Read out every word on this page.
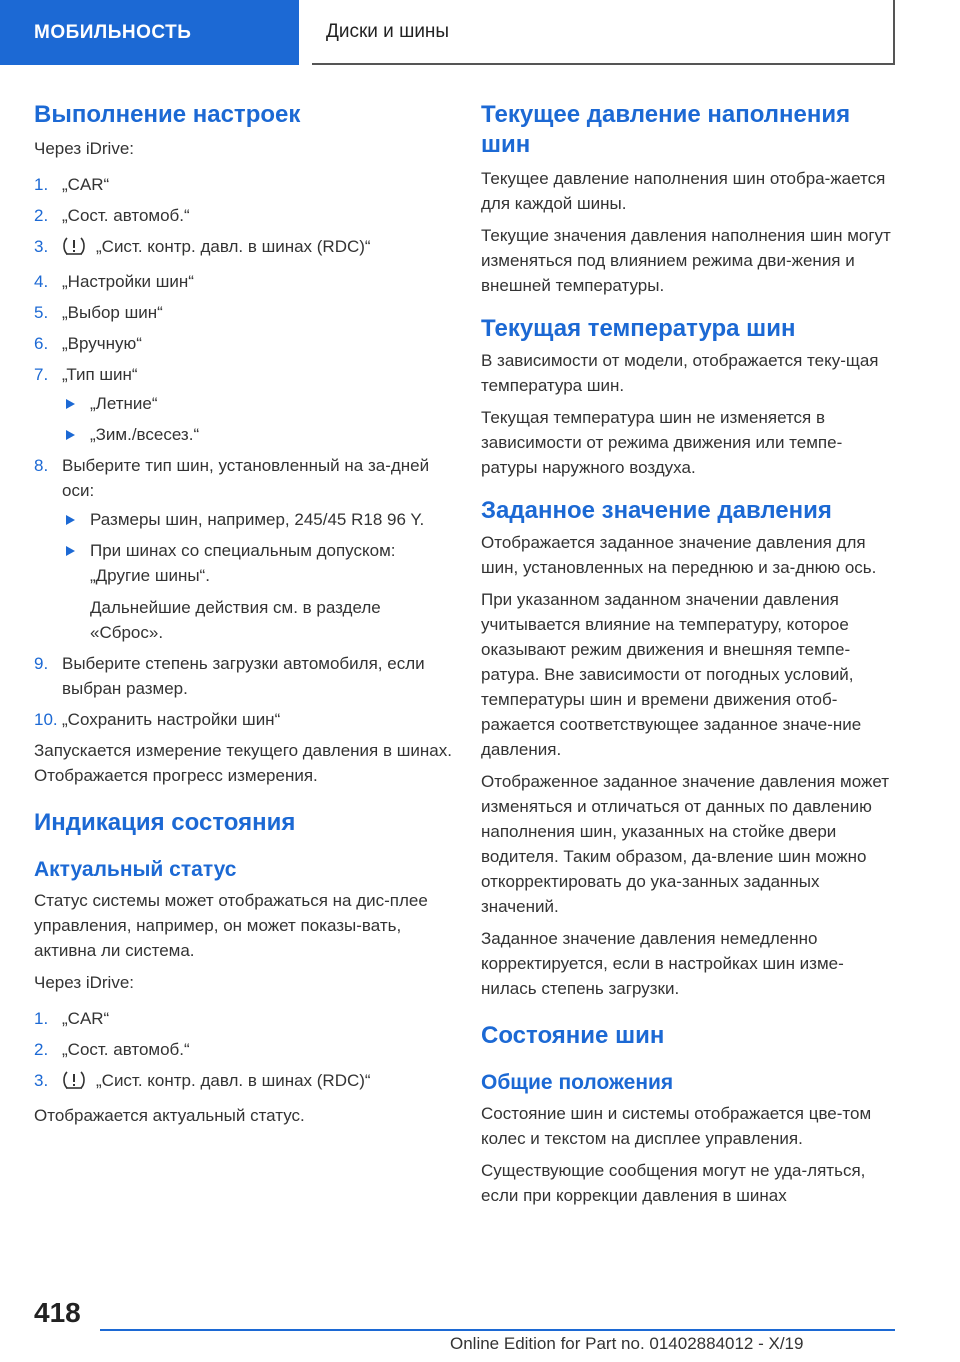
МОБИЛЬНОСТЬ	Диски и шины
Выполнение настроек

Через iDrive:

1. „CAR“
2. „Сост. автомоб.“
3.	„Сист. контр. давл. в шинах (RDC)“
4. „Настройки шин“
5. „Выбор шин“
6. „Вручную“
7. „Тип шин“
„Летние“
„Зим./всесез.“
8. Выберите тип шин, установленный на за-дней оси:
Размеры шин, например, 245/45 R18 96 Y.
При шинах со специальным допуском: „Другие шины“.
Дальнейшие действия см. в разделе «Сброс».
9. Выберите степень загрузки автомобиля, если выбран размер.
10. „Сохранить настройки шин“

Запускается измерение текущего давления в шинах. Отображается прогресс измерения.

Индикация состояния
Актуальный статус

Статус системы может отображаться на дис-плее управления, например, он может показы-вать, активна ли система.

Через iDrive:

1. „CAR“
2. „Сост. автомоб.“
3.	„Сист. контр. давл. в шинах (RDC)“

Отображается актуальный статус.

Текущее давление наполнения шин

Текущее давление наполнения шин отобра-жается для каждой шины.

Текущие значения давления наполнения шин могут изменяться под влиянием режима дви-жения и внешней температуры.

Текущая температура шин

В зависимости от модели, отображается теку-щая температура шин.

Текущая температура шин не изменяется в зависимости от режима движения или темпе-ратуры наружного воздуха.

Заданное значение давления

Отображается заданное значение давления для шин, установленных на переднюю и за-днюю ось.

При указанном заданном значении давления учитывается влияние на температуру, которое оказывают режим движения и внешняя темпе-ратура. Вне зависимости от погодных условий, температуры шин и времени движения отоб-ражается соответствующее заданное значе-ние давления.

Отображенное заданное значение давления может изменяться и отличаться от данных по давлению наполнения шин, указанных на стойке двери водителя. Таким образом, да-вление шин можно откорректировать до ука-занных заданных значений.

Заданное значение давления немедленно корректируется, если в настройках шин изме-нилась степень загрузки.

Состояние шин
Общие положения

Состояние шин и системы отображается цве-том колес и текстом на дисплее управления.

Существующие сообщения могут не уда-ляться, если при коррекции давления в шинах

418
Online Edition for Part no. 01402884012 - X/19
